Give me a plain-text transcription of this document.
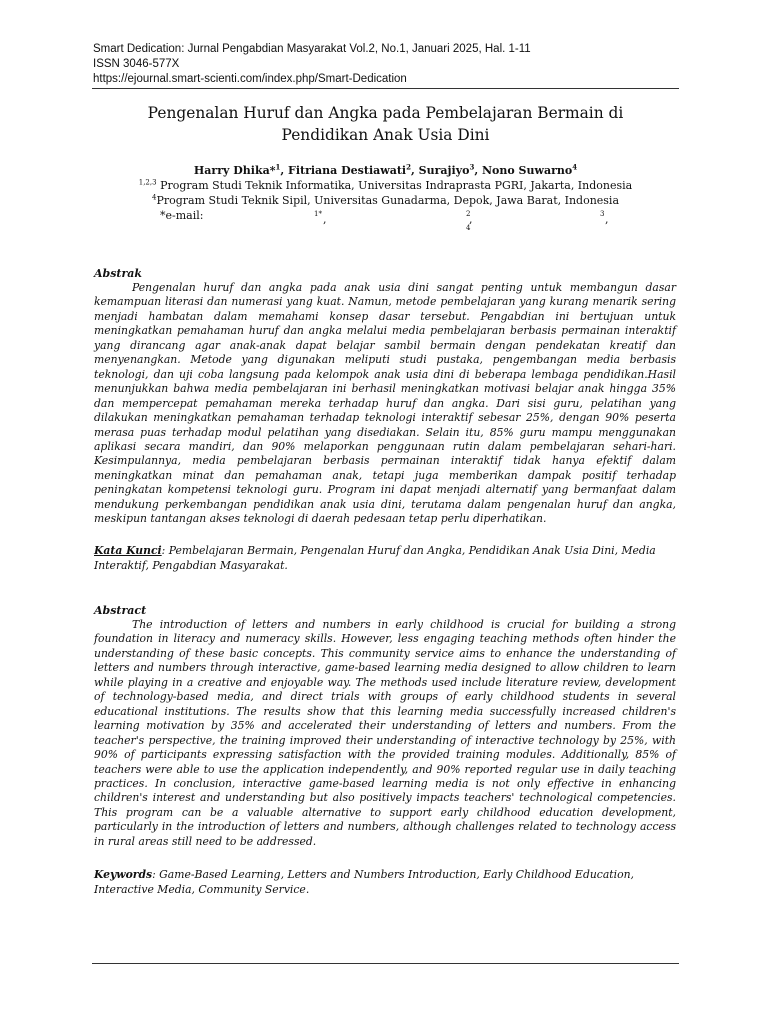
Smart Dedication: Jurnal Pengabdian Masyarakat Vol.2, No.1, Januari 2025, Hal. 1-11
ISSN 3046-577X
https://ejournal.smart-scienti.com/index.php/Smart-Dedication
Pengenalan Huruf dan Angka pada Pembelajaran Bermain di
Pendidikan Anak Usia Dini
Harry Dhika*$^1$, Fitriana Destiawati$^2$, Surajiyo$^3$, Nono Suwarno$^4$
$^{1,2,3}$ Program Studi Teknik Informatika, Universitas Indraprasta PGRI, Jakarta, Indonesia
$^4$Program Studi Teknik Sipil, Universitas Gunadarma, Depok, Jawa Barat, Indonesia
*e-mail:	1* ,	2
,	3 ,
4
Abstrak

Pengenalan huruf dan angka pada anak usia dini sangat penting untuk membangun dasar kemampuan literasi dan numerasi yang kuat. Namun, metode pembelajaran yang kurang menarik sering menjadi hambatan dalam memahami konsep dasar tersebut. Pengabdian ini bertujuan untuk meningkatkan pemahaman huruf dan angka melalui media pembelajaran berbasis permainan interaktif yang dirancang agar anak-anak dapat belajar sambil bermain dengan pendekatan kreatif dan menyenangkan. Metode yang digunakan meliputi studi pustaka, pengembangan media berbasis teknologi, dan uji coba langsung pada kelompok anak usia dini di beberapa lembaga pendidikan.Hasil menunjukkan bahwa media pembelajaran ini berhasil meningkatkan motivasi belajar anak hingga 35% dan mempercepat pemahaman mereka terhadap huruf dan angka. Dari sisi guru, pelatihan yang dilakukan meningkatkan pemahaman terhadap teknologi interaktif sebesar 25%, dengan 90% peserta merasa puas terhadap modul pelatihan yang disediakan. Selain itu, 85% guru mampu menggunakan aplikasi secara mandiri, dan 90% melaporkan penggunaan rutin dalam pembelajaran sehari-hari. Kesimpulannya, media pembelajaran berbasis permainan interaktif tidak hanya efektif dalam meningkatkan minat dan pemahaman anak, tetapi juga memberikan dampak positif terhadap peningkatan kompetensi teknologi guru. Program ini dapat menjadi alternatif yang bermanfaat dalam mendukung perkembangan pendidikan anak usia dini, terutama dalam pengenalan huruf dan angka, meskipun tantangan akses teknologi di daerah pedesaan tetap perlu diperhatikan.

Kata Kunci: Pembelajaran Bermain, Pengenalan Huruf dan Angka, Pendidikan Anak Usia Dini, Media Interaktif, Pengabdian Masyarakat.

Abstract

The introduction of letters and numbers in early childhood is crucial for building a strong foundation in literacy and numeracy skills. However, less engaging teaching methods often hinder the understanding of these basic concepts. This community service aims to enhance the understanding of letters and numbers through interactive, game-based learning media designed to allow children to learn while playing in a creative and enjoyable way. The methods used include literature review, development of technology-based media, and direct trials with groups of early childhood students in several educational institutions. The results show that this learning media successfully increased children's learning motivation by 35% and accelerated their understanding of letters and numbers. From the teacher's perspective, the training improved their understanding of interactive technology by 25%, with 90% of participants expressing satisfaction with the provided training modules. Additionally, 85% of teachers were able to use the application independently, and 90% reported regular use in daily teaching practices. In conclusion, interactive game-based learning media is not only effective in enhancing children's interest and understanding but also positively impacts teachers' technological competencies. This program can be a valuable alternative to support early childhood education development, particularly in the introduction of letters and numbers, although challenges related to technology access in rural areas still need to be addressed.

Keywords: Game-Based Learning, Letters and Numbers Introduction, Early Childhood Education, Interactive Media, Community Service.
